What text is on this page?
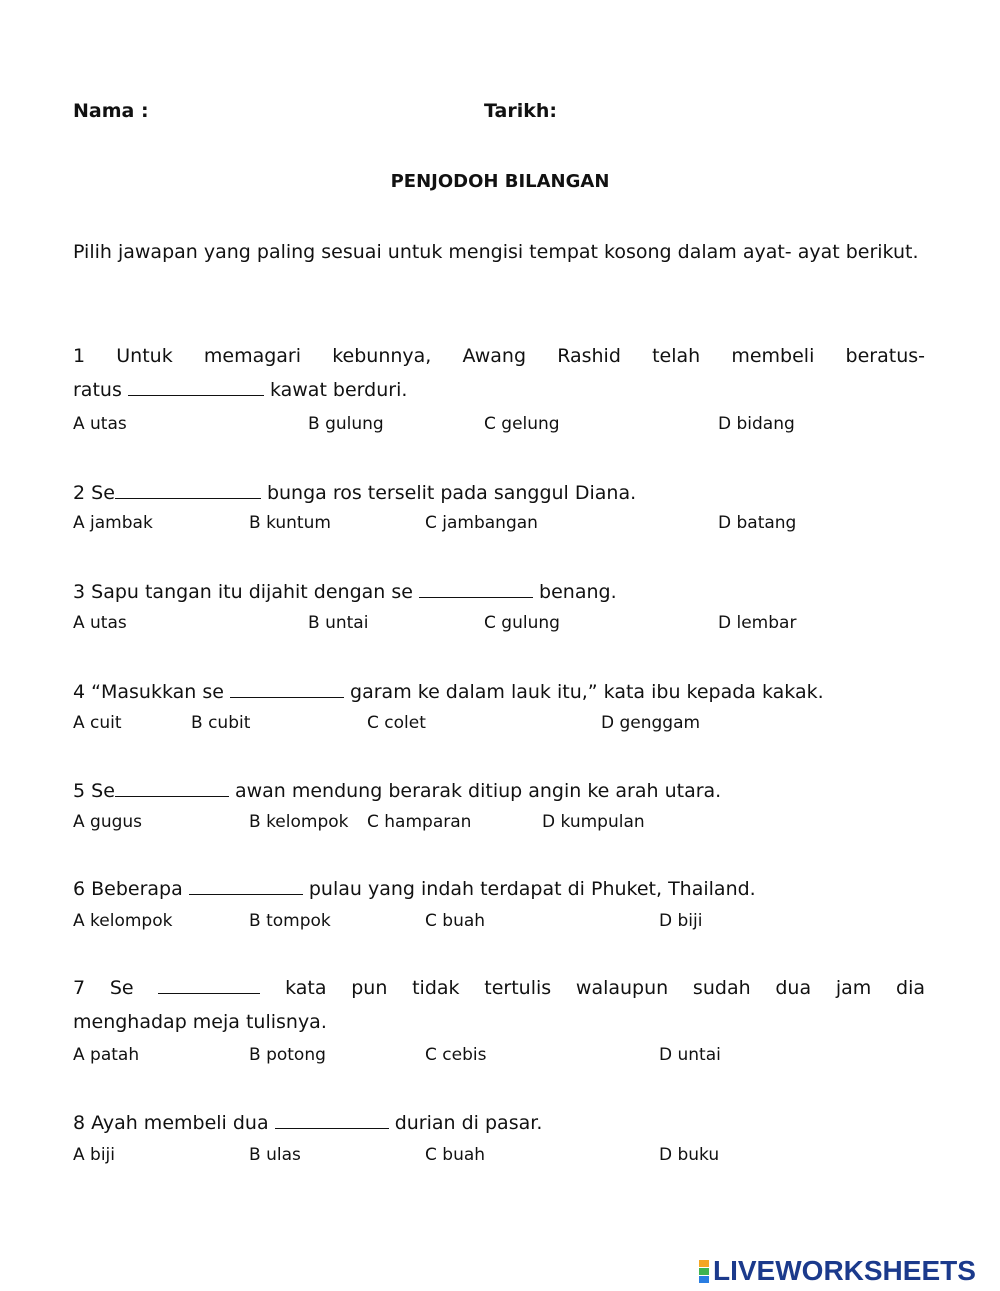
Nama :	Tarikh:
PENJODOH BILANGAN
Pilih jawapan yang paling sesuai untuk mengisi tempat kosong dalam ayat- ayat berikut.
1 Untuk memagari kebunnya, Awang Rashid telah membeli beratus-
ratus	kawat berduri.
A utas	B gulung	C gelung	D bidang
2 Se	bunga ros terselit pada sanggul Diana.
A jambak	B kuntum	C jambangan	D batang
3 Sapu tangan itu dijahit dengan se	benang.
A utas	B untai	C gulung	D lembar
4 “Masukkan se	garam ke dalam lauk itu,” kata ibu kepada kakak.
A cuit	B cubit	C colet	D genggam
5 Se	awan mendung berarak ditiup angin ke arah utara.
A gugus	B kelompok C hamparan	D kumpulan
6 Beberapa	pulau yang indah terdapat di Phuket, Thailand.
A kelompok	B tompok	C buah	D biji
7 Se	kata pun tidak tertulis walaupun sudah dua jam dia
menghadap meja tulisnya.
A patah	B potong	C cebis	D untai
8 Ayah membeli dua	durian di pasar.
A biji	B ulas	C buah	D buku
LIVEWORKSHEETS
